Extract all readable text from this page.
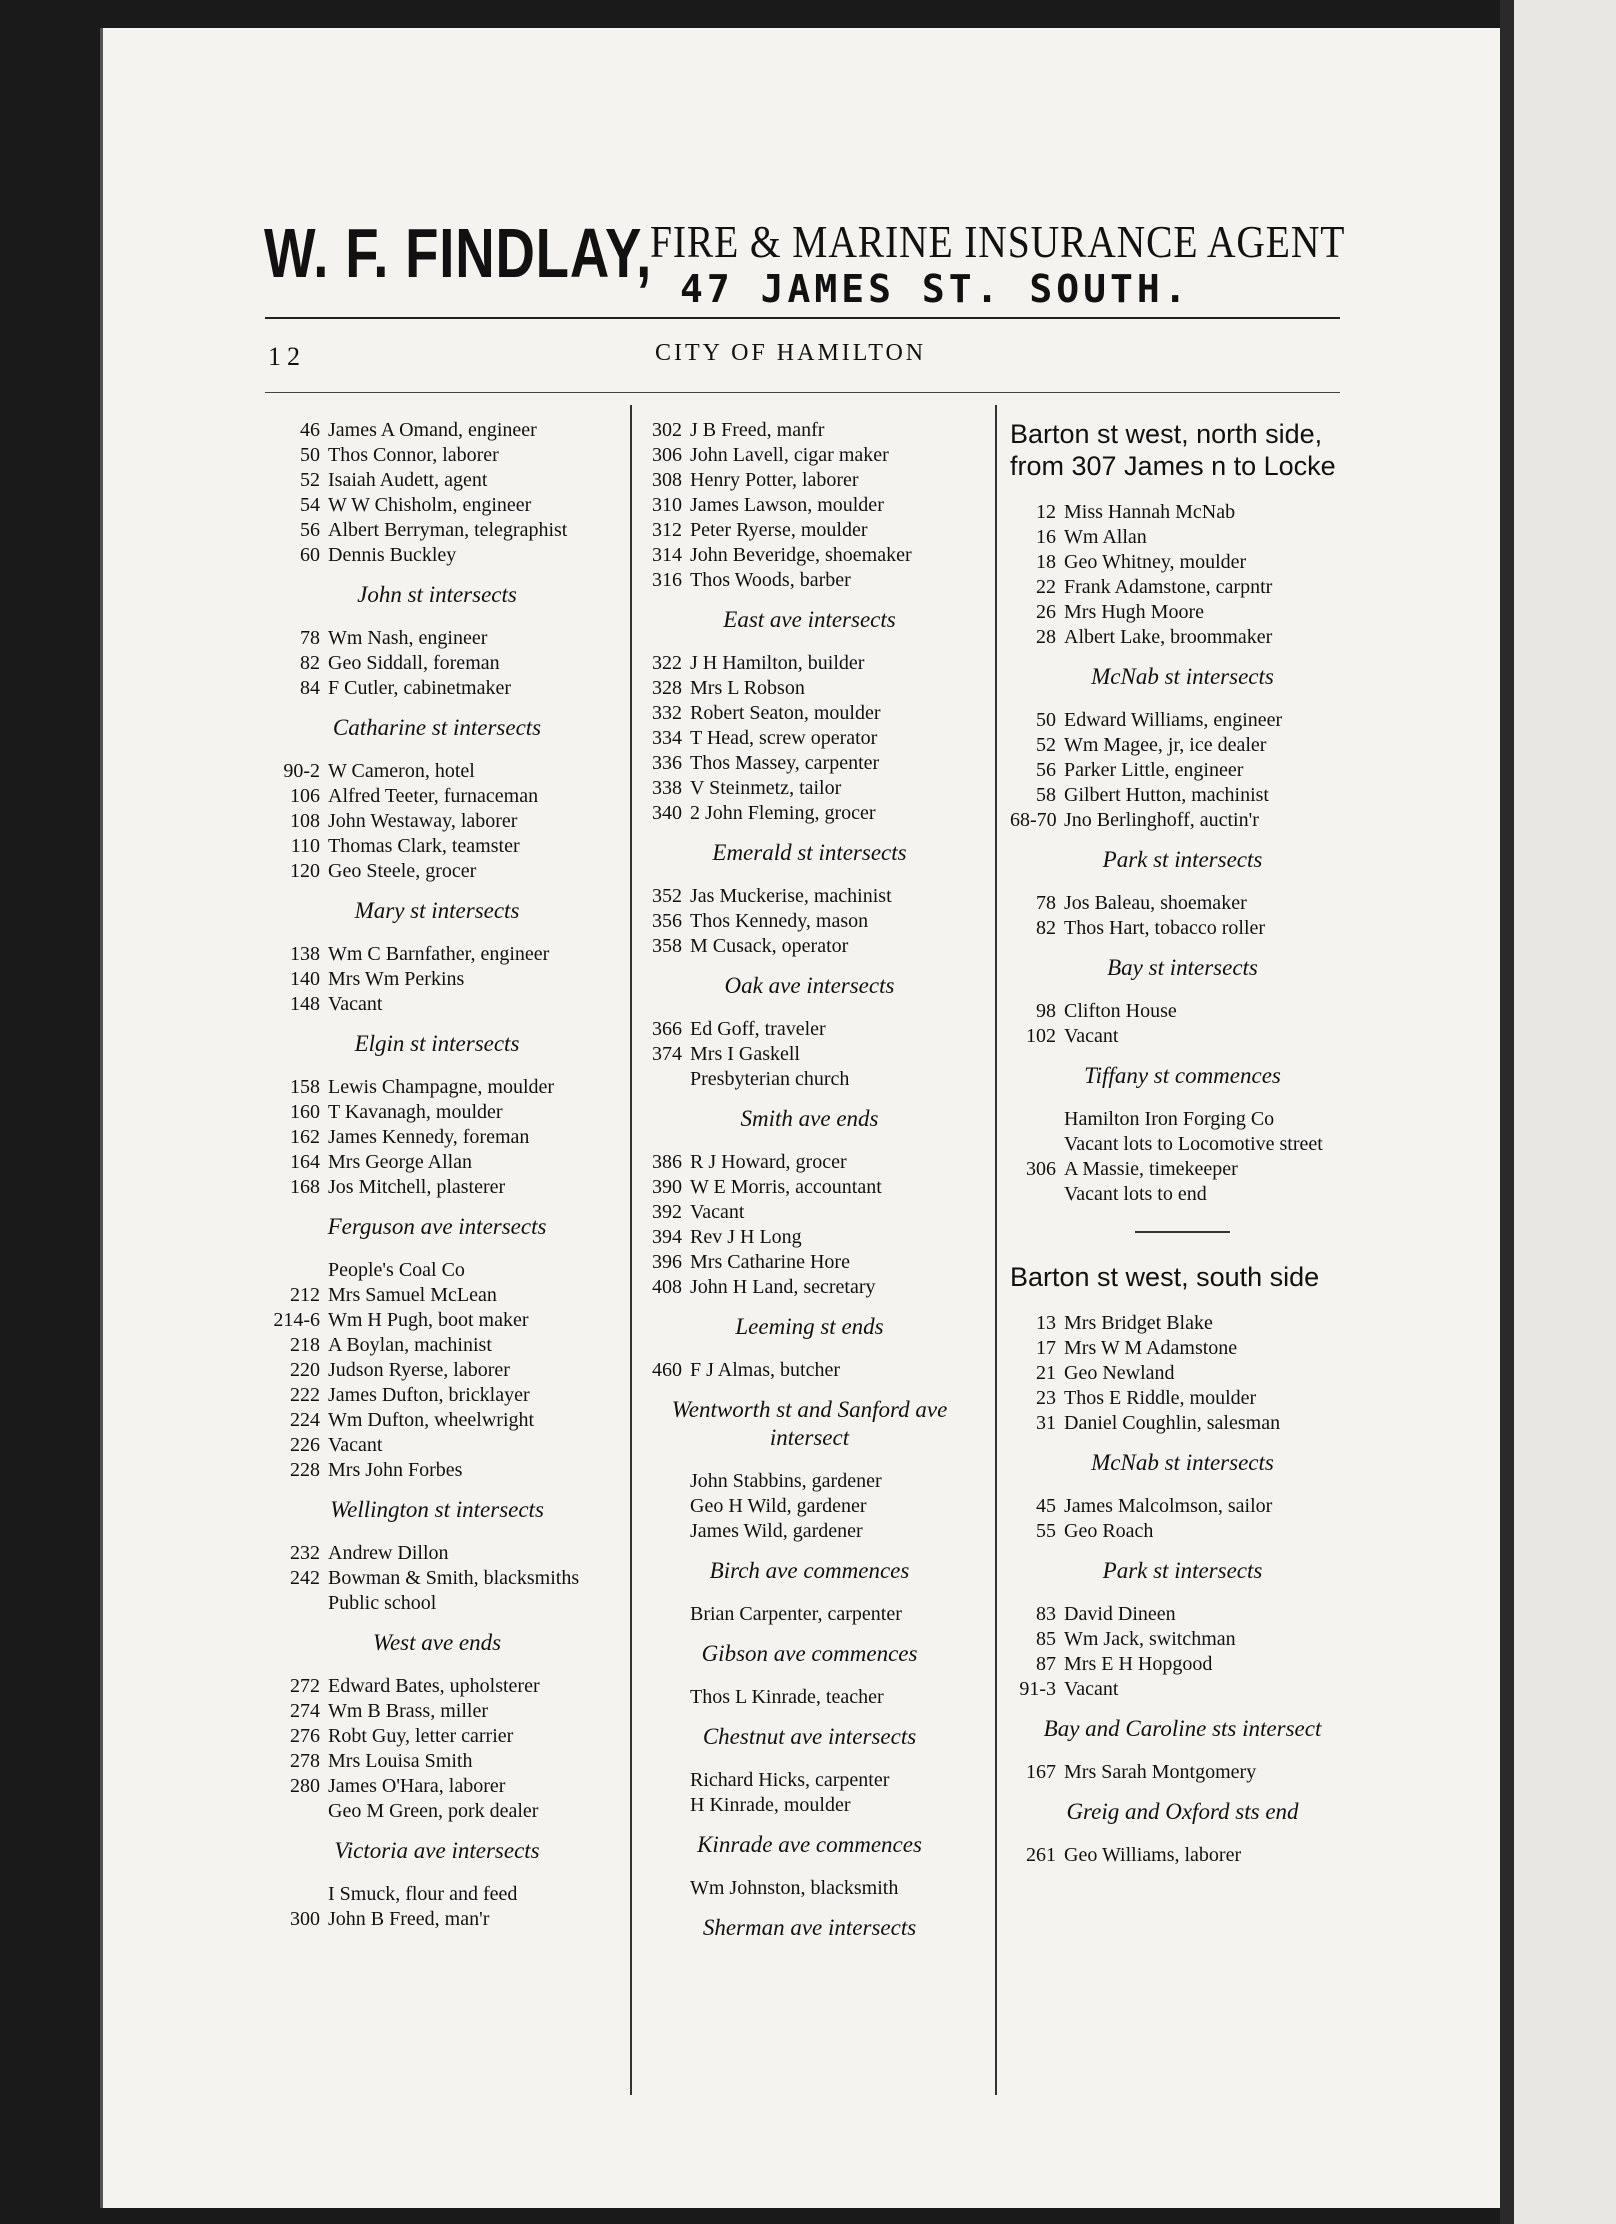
W. F. FINDLAY,
FIRE & MARINE INSURANCE AGENT
47 JAMES ST. SOUTH.
12	CITY OF HAMILTON
46 James A Omand, engineer
50 Thos Connor, laborer
52 Isaiah Audett, agent
54 W W Chisholm, engineer
56 Albert Berryman, telegraphist
60 Dennis Buckley
John st intersects
78 Wm Nash, engineer
82 Geo Siddall, foreman
84 F Cutler, cabinetmaker
Catharine st intersects
90-2 W Cameron, hotel
106 Alfred Teeter, furnaceman
108 John Westaway, laborer
110 Thomas Clark, teamster
120 Geo Steele, grocer
Mary st intersects
138 Wm C Barnfather, engineer
140 Mrs Wm Perkins
148 Vacant
Elgin st intersects
158 Lewis Champagne, moulder
160 T Kavanagh, moulder
162 James Kennedy, foreman
164 Mrs George Allan
168 Jos Mitchell, plasterer
Ferguson ave intersects
People's Coal Co
212 Mrs Samuel McLean
214-6 Wm H Pugh, boot maker
218 A Boylan, machinist
220 Judson Ryerse, laborer
222 James Dufton, bricklayer
224 Wm Dufton, wheelwright
226 Vacant
228 Mrs John Forbes
Wellington st intersects
232 Andrew Dillon
242 Bowman & Smith, blacksmiths
Public school
West ave ends
272 Edward Bates, upholsterer
274 Wm B Brass, miller
276 Robt Guy, letter carrier
278 Mrs Louisa Smith
280 James O'Hara, laborer
Geo M Green, pork dealer
Victoria ave intersects
I Smuck, flour and feed
300 John B Freed, man'r
302 J B Freed, manfr
306 John Lavell, cigar maker
308 Henry Potter, laborer
310 James Lawson, moulder
312 Peter Ryerse, moulder
314 John Beveridge, shoemaker
316 Thos Woods, barber
East ave intersects
322 J H Hamilton, builder
328 Mrs L Robson
332 Robert Seaton, moulder
334 T Head, screw operator
336 Thos Massey, carpenter
338 V Steinmetz, tailor
340 2 John Fleming, grocer
Emerald st intersects
352 Jas Muckerise, machinist
356 Thos Kennedy, mason
358 M Cusack, operator
Oak ave intersects
366 Ed Goff, traveler
374 Mrs I Gaskell
Presbyterian church
Smith ave ends
386 R J Howard, grocer
390 W E Morris, accountant
392 Vacant
394 Rev J H Long
396 Mrs Catharine Hore
408 John H Land, secretary
Leeming st ends
460 F J Almas, butcher
Wentworth st and Sanford ave intersect
John Stabbins, gardener
Geo H Wild, gardener
James Wild, gardener
Birch ave commences
Brian Carpenter, carpenter
Gibson ave commences
Thos L Kinrade, teacher
Chestnut ave intersects
Richard Hicks, carpenter
H Kinrade, moulder
Kinrade ave commences
Wm Johnston, blacksmith
Sherman ave intersects
Barton st west, north side, from 307 James n to Locke
12 Miss Hannah McNab
16 Wm Allan
18 Geo Whitney, moulder
22 Frank Adamstone, carpntr
26 Mrs Hugh Moore
28 Albert Lake, broommaker
McNab st intersects
50 Edward Williams, engineer
52 Wm Magee, jr, ice dealer
56 Parker Little, engineer
58 Gilbert Hutton, machinist
68-70 Jno Berlinghoff, auctin'r
Park st intersects
78 Jos Baleau, shoemaker
82 Thos Hart, tobacco roller
Bay st intersects
98 Clifton House
102 Vacant
Tiffany st commences
Hamilton Iron Forging Co
Vacant lots to Locomotive street
306 A Massie, timekeeper
Vacant lots to end
Barton st west, south side
13 Mrs Bridget Blake
17 Mrs W M Adamstone
21 Geo Newland
23 Thos E Riddle, moulder
31 Daniel Coughlin, salesman
McNab st intersects
45 James Malcolmson, sailor
55 Geo Roach
Park st intersects
83 David Dineen
85 Wm Jack, switchman
87 Mrs E H Hopgood
91-3 Vacant
Bay and Caroline sts intersect
167 Mrs Sarah Montgomery
Greig and Oxford sts end
261 Geo Williams, laborer
